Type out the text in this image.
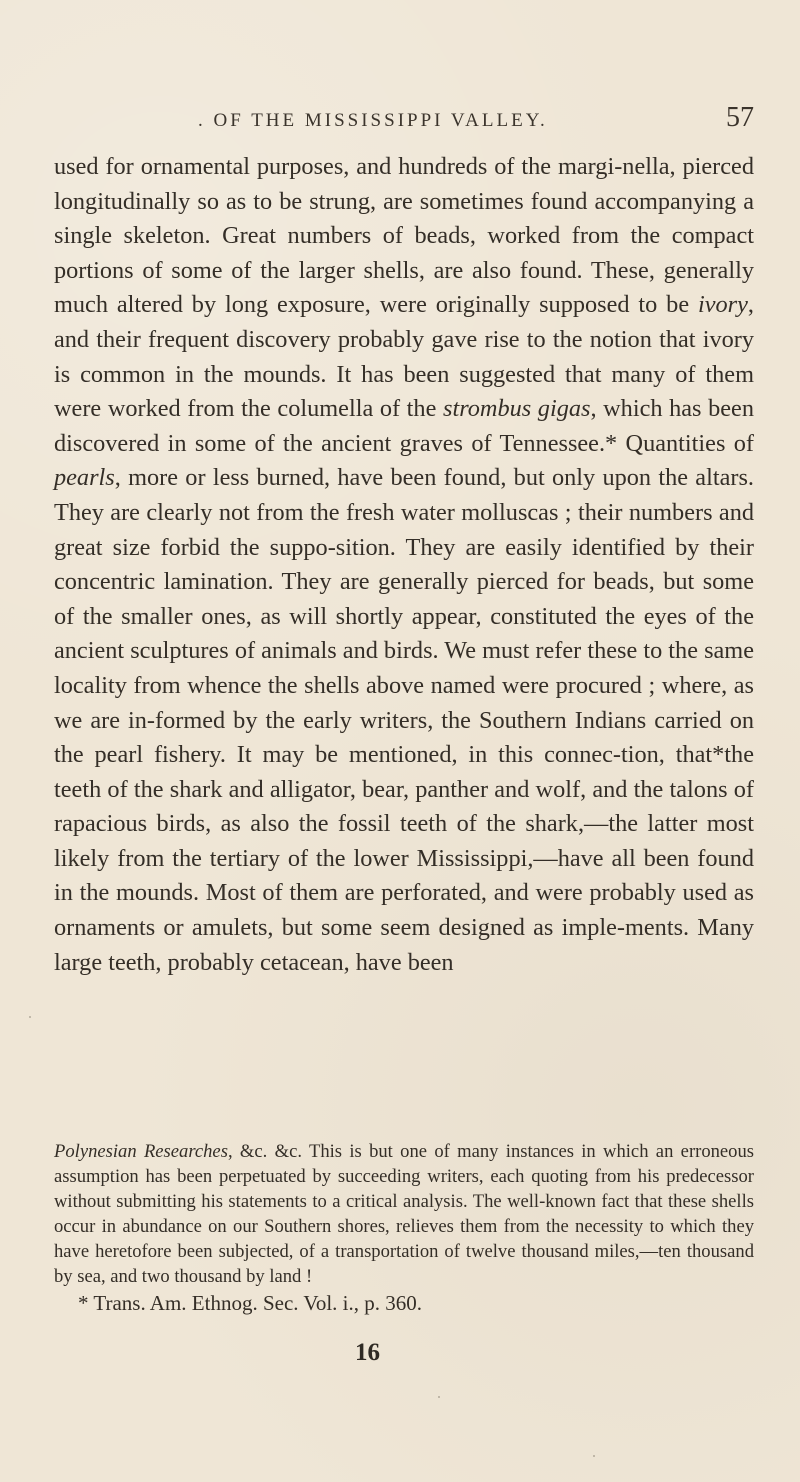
. OF THE MISSISSIPPI VALLEY.	57
used for ornamental purposes, and hundreds of the margi-nella, pierced longitudinally so as to be strung, are sometimes found accompanying a single skeleton. Great numbers of beads, worked from the compact portions of some of the larger shells, are also found. These, generally much altered by long exposure, were originally supposed to be ivory, and their frequent discovery probably gave rise to the notion that ivory is common in the mounds. It has been suggested that many of them were worked from the columella of the strombus gigas, which has been discovered in some of the ancient graves of Tennessee.* Quantities of pearls, more or less burned, have been found, but only upon the altars. They are clearly not from the fresh water molluscas ; their numbers and great size forbid the suppo-sition. They are easily identified by their concentric lamination. They are generally pierced for beads, but some of the smaller ones, as will shortly appear, constituted the eyes of the ancient sculptures of animals and birds. We must refer these to the same locality from whence the shells above named were procured ; where, as we are in-formed by the early writers, the Southern Indians carried on the pearl fishery. It may be mentioned, in this connec-tion, that*the teeth of the shark and alligator, bear, panther and wolf, and the talons of rapacious birds, as also the fossil teeth of the shark,—the latter most likely from the tertiary of the lower Mississippi,—have all been found in the mounds. Most of them are perforated, and were probably used as ornaments or amulets, but some seem designed as imple-ments. Many large teeth, probably cetacean, have been

Polynesian Researches, &c. &c. This is but one of many instances in which an erroneous assumption has been perpetuated by succeeding writers, each quoting from his predecessor without submitting his statements to a critical analysis. The well-known fact that these shells occur in abundance on our Southern shores, relieves them from the necessity to which they have heretofore been subjected, of a transportation of twelve thousand miles,—ten thousand by sea, and two thousand by land !

* Trans. Am. Ethnog. Sec. Vol. i., p. 360.

16
